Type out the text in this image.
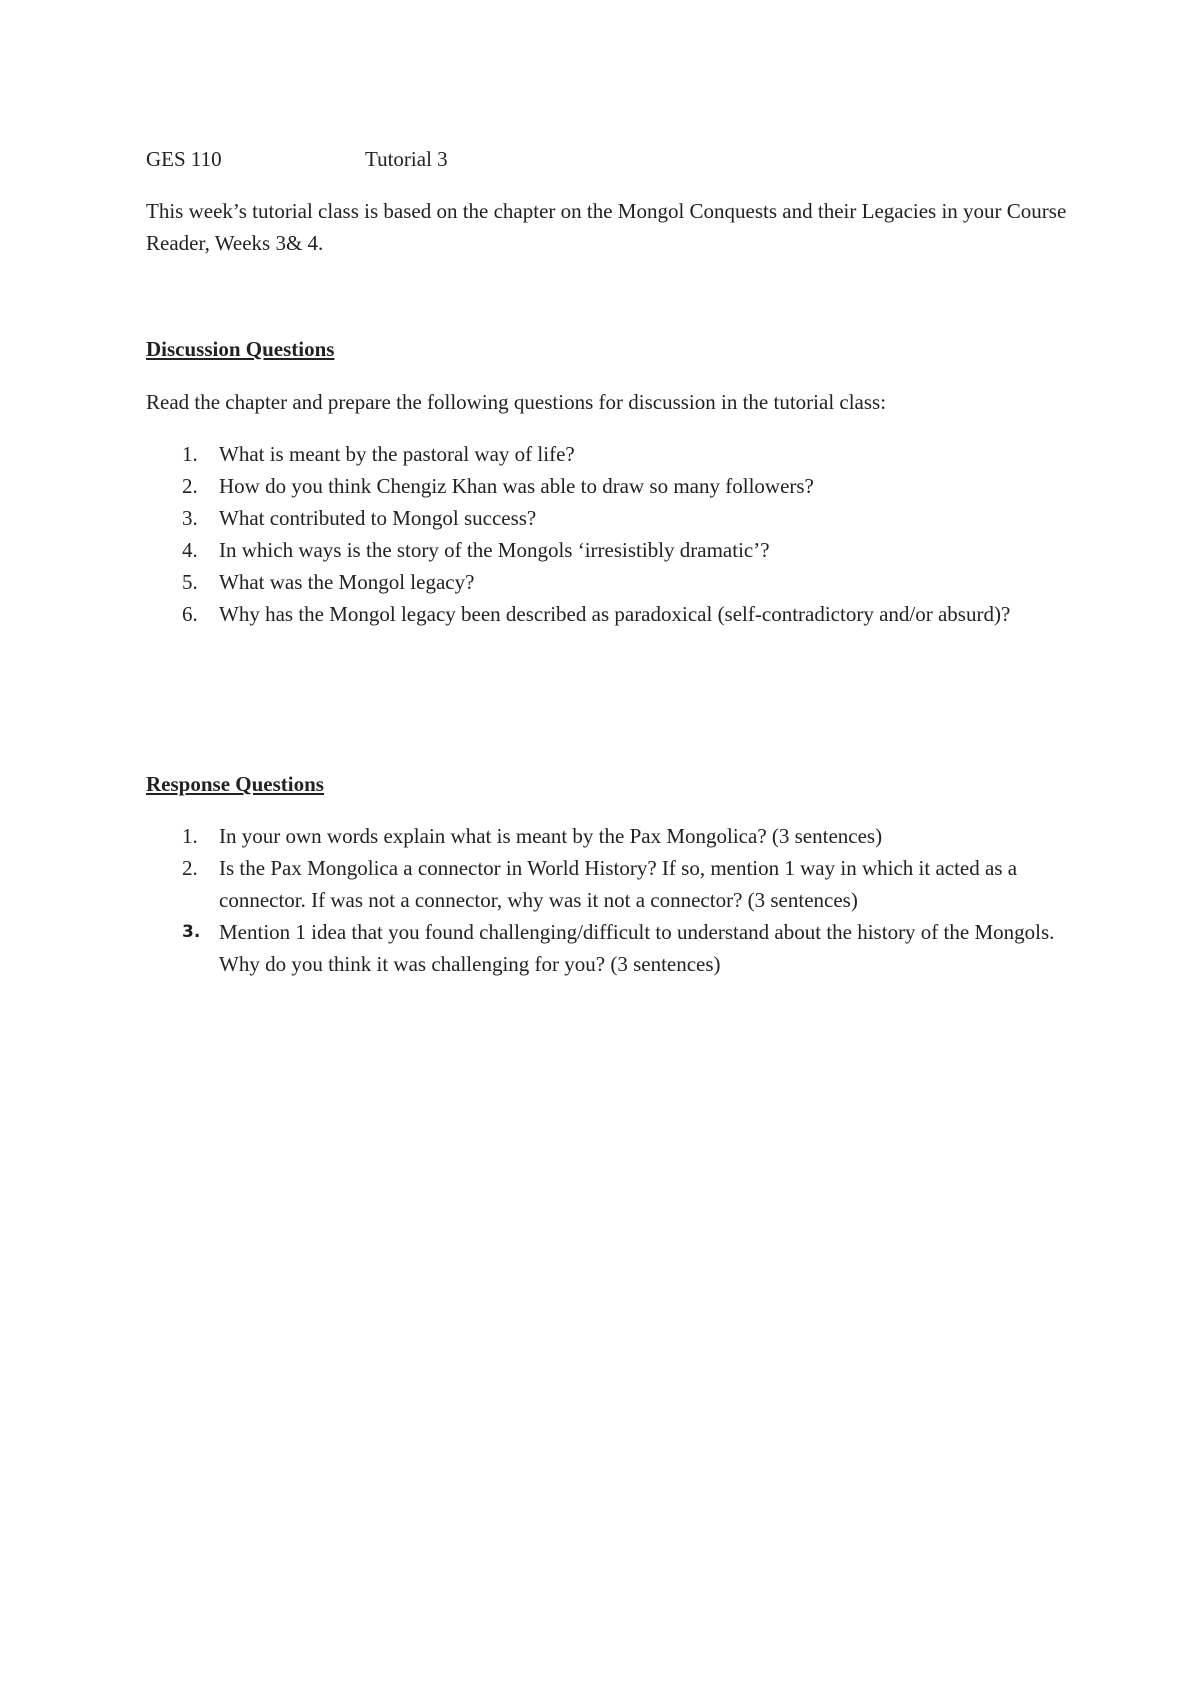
GES 110	Tutorial 3

This week’s tutorial class is based on the chapter on the Mongol Conquests and their Legacies in your Course Reader, Weeks 3& 4.

Discussion Questions

Read the chapter and prepare the following questions for discussion in the tutorial class:

1. What is meant by the pastoral way of life?
2. How do you think Chengiz Khan was able to draw so many followers?
3. What contributed to Mongol success?
4. In which ways is the story of the Mongols ‘irresistibly dramatic’?
5. What was the Mongol legacy?
6. Why has the Mongol legacy been described as paradoxical (self-contradictory and/or absurd)?
Response Questions
1. In your own words explain what is meant by the Pax Mongolica? (3 sentences)
2. Is the Pax Mongolica a connector in World History? If so, mention 1 way in which it acted as a connector. If was not a connector, why was it not a connector? (3 sentences)
3. Mention 1 idea that you found challenging/difficult to understand about the history of the Mongols. Why do you think it was challenging for you? (3 sentences)
